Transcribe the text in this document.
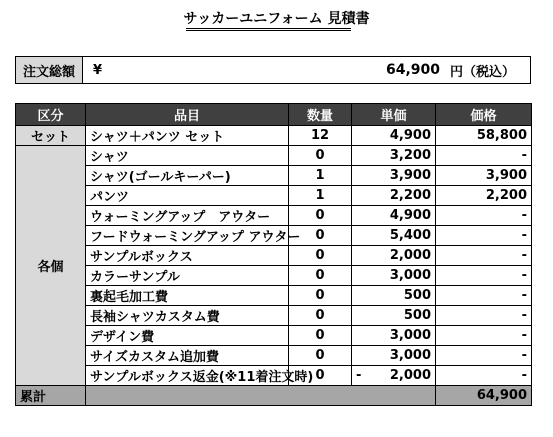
サッカーユニフォーム 見積書
注文総額	¥	64,900 円（税込）
区分	品目	数量	単価	価格
セット	シャツ＋パンツ セット	12	4,900	58,800
各個	シャツ	0	3,200	-
	シャツ(ゴールキーパー)	1	3,900	3,900
	パンツ	1	2,200	2,200
	ウォーミングアップ　アウター	0	4,900	-
	フードウォーミングアップ アウター	0	5,400	-
	サンプルボックス	0	2,000	-
	カラーサンプル	0	3,000	-
	裏起毛加工費	0	500	-
	長袖シャツカスタム費	0	500	-
	デザイン費	0	3,000	-
	サイズカスタム追加費	0	3,000	-
	サンプルボックス返金(※11着注文時)	0	- 2,000	-
累計				64,900
